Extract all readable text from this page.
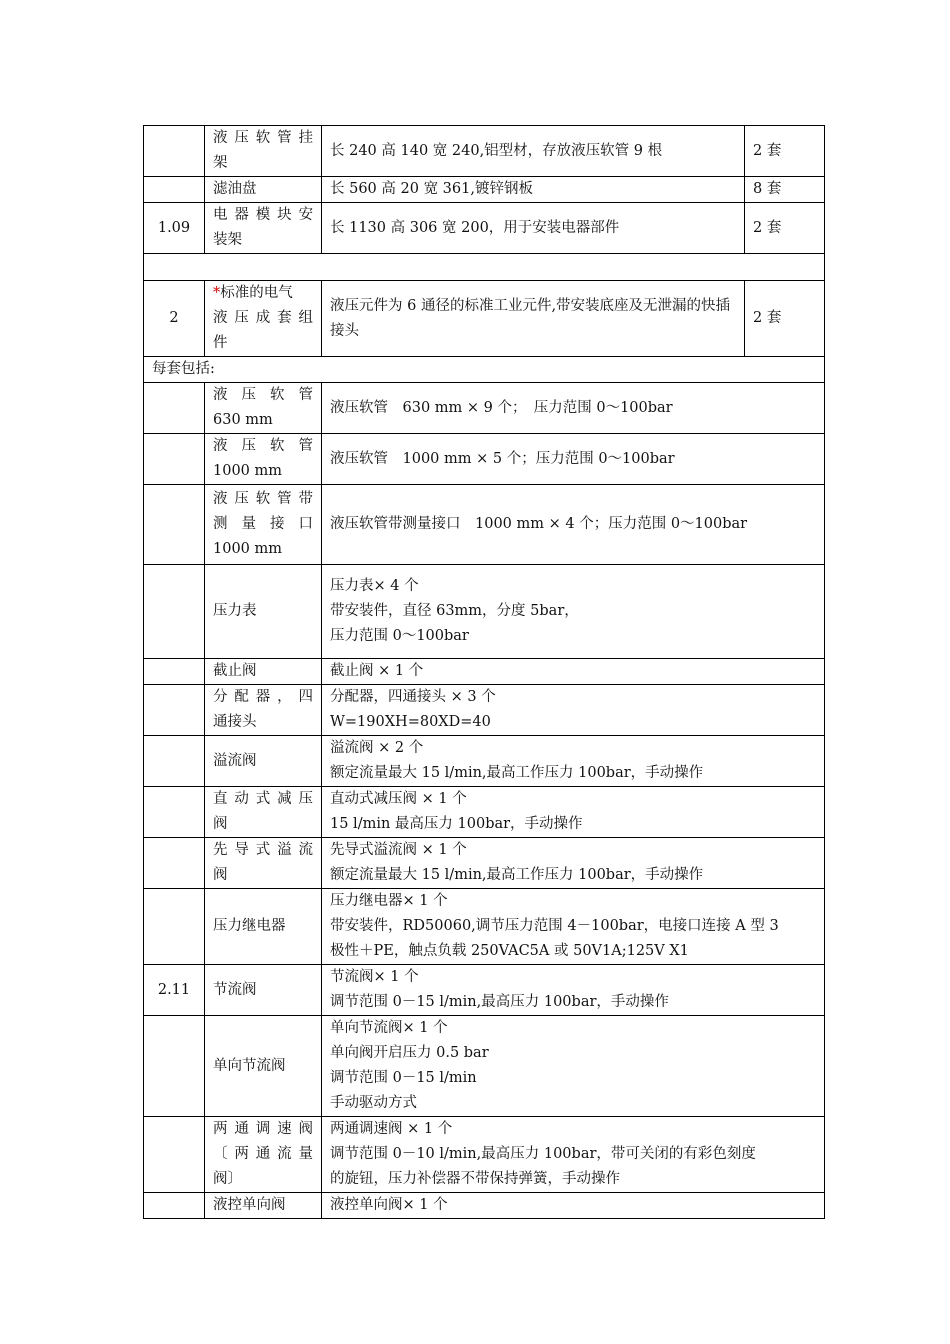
	液压软管挂
架	长 240 高 140 宽 240,铝型材，存放液压软管 9 根	2 套

	滤油盘	长 560 高 20 宽 361,镀锌钢板	8 套
1.09	电器模块安
装架	长 1130 高 306 宽 200，用于安装电器部件	2 套

2	*标准的电气
液压成套组
件	液压元件为 6 通径的标准工业元件,带安装底座及无泄漏的快插接头	2 套
每套包括:			

	液压软管
630 mm	液压软管　630 mm × 9 个；　压力范围 0～100bar	

	液压软管
1000 mm	液压软管　1000 mm × 5 个；压力范围 0～100bar	

	液压软管带
测量接口
1000 mm	液压软管带测量接口　1000 mm × 4 个；压力范围 0～100bar	

	压力表	压力表× 4 个
带安装件，直径 63mm，分度 5bar，
压力范围 0～100bar	

	截止阀	截止阀 × 1 个	

	分配器，四
通接头	分配器，四通接头 × 3 个
W=190XH=80XD=40	

	溢流阀	溢流阀 × 2 个
额定流量最大 15 l/min,最高工作压力 100bar，手动操作	

	直动式减压
阀	直动式减压阀 × 1 个
15 l/min 最高压力 100bar，手动操作	

	先导式溢流
阀	先导式溢流阀 × 1 个
额定流量最大 15 l/min,最高工作压力 100bar，手动操作	

	压力继电器	压力继电器× 1 个
带安装件，RD50060,调节压力范围 4－100bar，电接口连接 A 型 3
极性＋PE，触点负载 250VAC5A 或 50V1A;125V X1	

2.11	节流阀	节流阀× 1 个
调节范围 0－15 l/min,最高压力 100bar，手动操作	

	单向节流阀	单向节流阀× 1 个
单向阀开启压力 0.5 bar
调节范围 0－15 l/min
手动驱动方式	

	两通调速阀
〔两通流量
阀〕	两通调速阀 × 1 个
调节范围 0－10 l/min,最高压力 100bar，带可关闭的有彩色刻度
的旋钮，压力补偿器不带保持弹簧，手动操作	

	液控单向阀	液控单向阀× 1 个	
